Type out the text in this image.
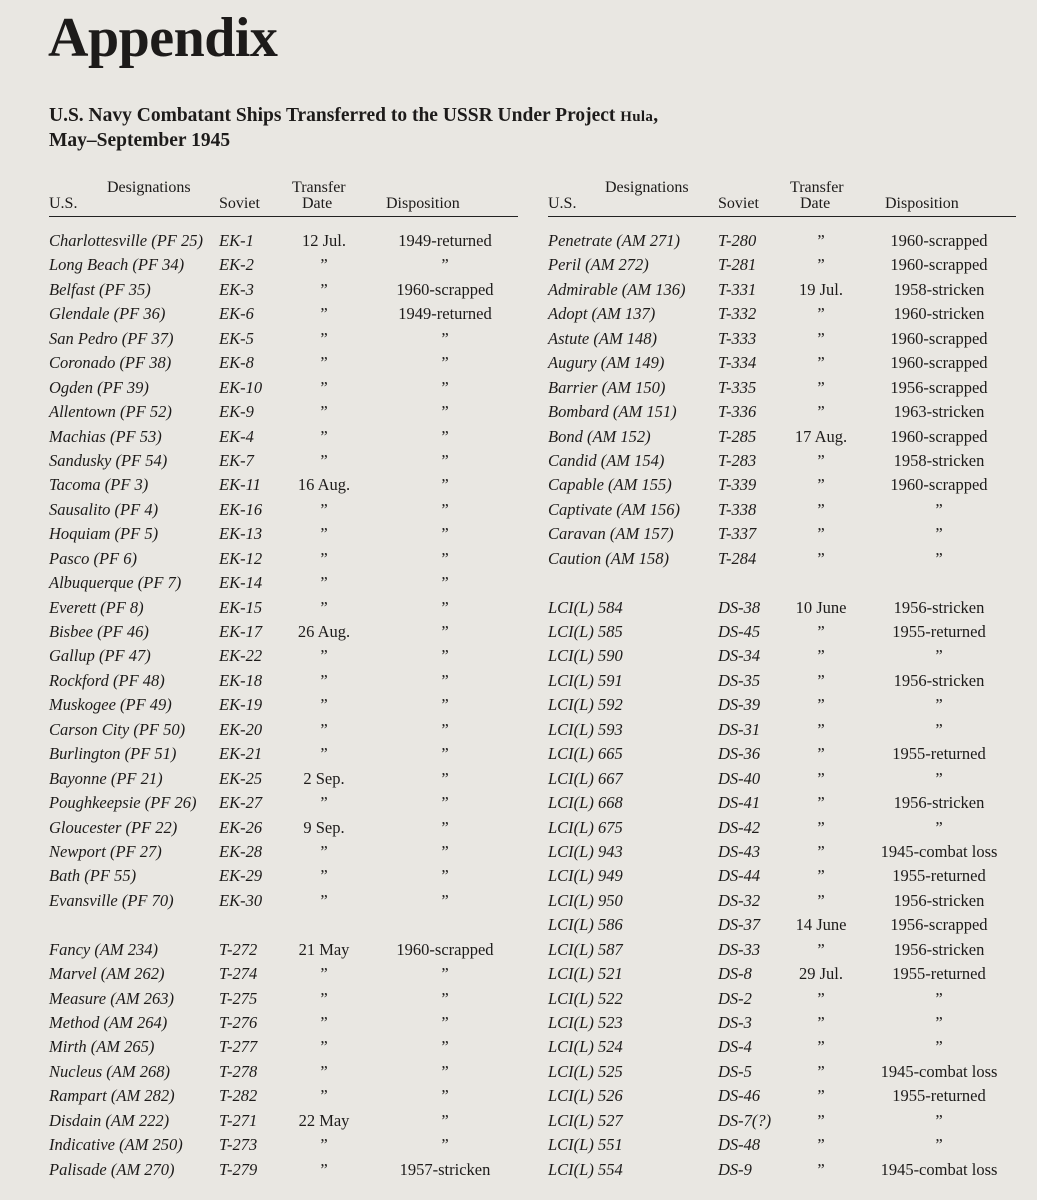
Appendix
U.S. Navy Combatant Ships Transferred to the USSR Under Project Hula,
May–September 1945
Designations
U.S.	Soviet
Transfer
Date	Disposition
Charlottesville (PF 25) EK-1	12 Jul.	1949-returned
Long Beach (PF 34) EK-2	”	”
Belfast (PF 35)	EK-3	”	1960-scrapped
Glendale (PF 36)	EK-6	”	1949-returned
San Pedro (PF 37)	EK-5	”	”
Coronado (PF 38)	EK-8	”	”
Ogden (PF 39)	EK-10	”	”
Allentown (PF 52)	EK-9	”	”
Machias (PF 53)	EK-4	”	”
Sandusky (PF 54)	EK-7	”	”
Tacoma (PF 3)	EK-11	16 Aug.	”
Sausalito (PF 4)	EK-16	”	”
Hoquiam (PF 5)	EK-13	”	”
Pasco (PF 6)	EK-12	”	”
Albuquerque (PF 7) EK-14	”	”
Everett (PF 8)	EK-15	”	”
Bisbee (PF 46)	EK-17	26 Aug.	”
Gallup (PF 47)	EK-22	”	”
Rockford (PF 48)	EK-18	”	”
Muskogee (PF 49)	EK-19	”	”
Carson City (PF 50) EK-20	”	”
Burlington (PF 51)	EK-21	”	”
Bayonne (PF 21)	EK-25	2 Sep.	”
Poughkeepsie (PF 26) EK-27	”	”
Gloucester (PF 22)	EK-26	9 Sep.	”
Newport (PF 27)	EK-28	”	”
Bath (PF 55)	EK-29	”	”
Evansville (PF 70)	EK-30	”	”
Fancy (AM 234)	T-272	21 May	1960-scrapped
Marvel (AM 262)	T-274	”	”
Measure (AM 263)	T-275	”	”
Method (AM 264)	T-276	”	”
Mirth (AM 265)	T-277	”	”
Nucleus (AM 268)	T-278	”	”
Rampart (AM 282)	T-282	”	”
Disdain (AM 222)	T-271	22 May	”
Indicative (AM 250) T-273	”	”
Palisade (AM 270)	T-279	”	1957-stricken
Designations
U.S.	Soviet
Transfer
Date	Disposition
Penetrate (AM 271) T-280	”	1960-scrapped
Peril (AM 272)	T-281	”	1960-scrapped
Admirable (AM 136) T-331	19 Jul.	1958-stricken
Adopt (AM 137)	T-332	”	1960-stricken
Astute (AM 148)	T-333	”	1960-scrapped
Augury (AM 149)	T-334	”	1960-scrapped
Barrier (AM 150)	T-335	”	1956-scrapped
Bombard (AM 151)	T-336	”	1963-stricken
Bond (AM 152)	T-285	17 Aug.	1960-scrapped
Candid (AM 154)	T-283	”	1958-stricken
Capable (AM 155)	T-339	”	1960-scrapped
Captivate (AM 156) T-338	”	”
Caravan (AM 157)	T-337	”	”
Caution (AM 158)	T-284	”	”
LCI(L) 584	DS-38	10 June	1956-stricken
LCI(L) 585	DS-45	”	1955-returned
LCI(L) 590	DS-34	”	”
LCI(L) 591	DS-35	”	1956-stricken
LCI(L) 592	DS-39	”	”
LCI(L) 593	DS-31	”	”
LCI(L) 665	DS-36	”	1955-returned
LCI(L) 667	DS-40	”	”
LCI(L) 668	DS-41	”	1956-stricken
LCI(L) 675	DS-42	”	”
LCI(L) 943	DS-43	”	1945-combat loss
LCI(L) 949	DS-44	”	1955-returned
LCI(L) 950	DS-32	”	1956-stricken
LCI(L) 586	DS-37	14 June	1956-scrapped
LCI(L) 587	DS-33	”	1956-stricken
LCI(L) 521	DS-8	29 Jul.	1955-returned
LCI(L) 522	DS-2	”	”
LCI(L) 523	DS-3	”	”
LCI(L) 524	DS-4	”	”
LCI(L) 525	DS-5	”	1945-combat loss
LCI(L) 526	DS-46	”	1955-returned
LCI(L) 527	DS-7(?)	”	”
LCI(L) 551	DS-48	”	”
LCI(L) 554	DS-9	”	1945-combat loss
